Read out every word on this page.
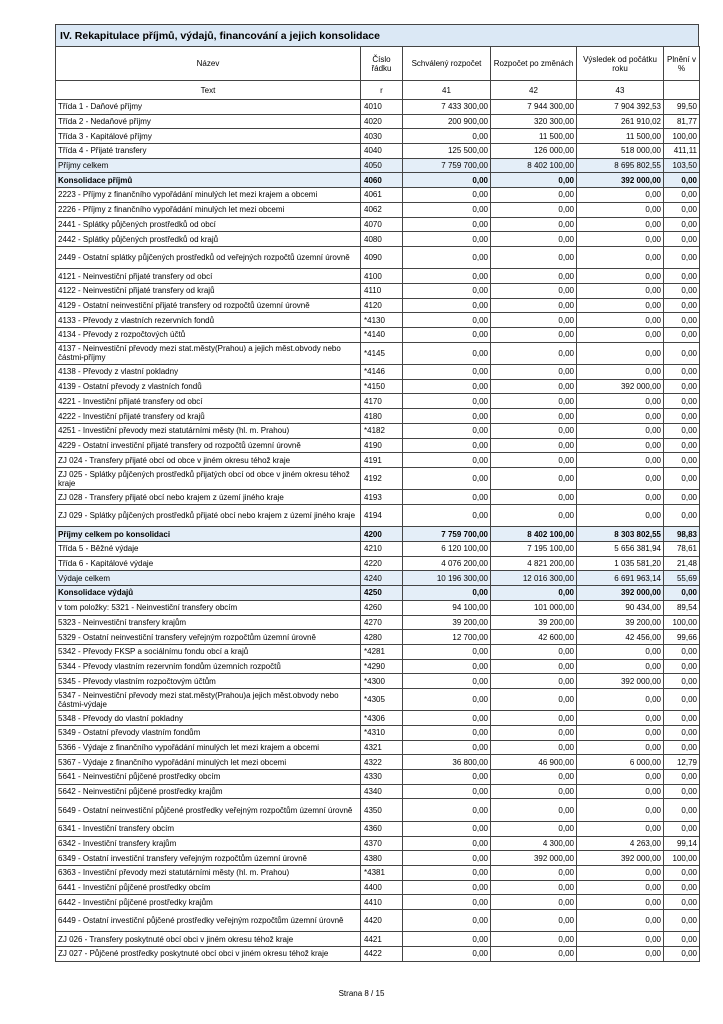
IV. Rekapitulace příjmů, výdajů, financování a jejich konsolidace
Název	Číslo řádku	Schválený rozpočet	Rozpočet po změnách	Výsledek od počátku roku	Plnění v %
Text	r	41	42	43	
Třída 1 - Daňové příjmy	4010	7 433 300,00	7 944 300,00	7 904 392,53	99,50
Třída 2 - Nedaňové příjmy	4020	200 900,00	320 300,00	261 910,02	81,77
Třída 3 - Kapitálové příjmy	4030	0,00	11 500,00	11 500,00	100,00
Třída 4 - Přijaté transfery	4040	125 500,00	126 000,00	518 000,00	411,11
Příjmy celkem	4050	7 759 700,00	8 402 100,00	8 695 802,55	103,50
Konsolidace příjmů	4060	0,00	0,00	392 000,00	0,00
2223 - Příjmy z finančního vypořádání minulých let mezi krajem a obcemi	4061	0,00	0,00	0,00	0,00
2226 - Příjmy z finančního vypořádání minulých let mezi obcemi	4062	0,00	0,00	0,00	0,00
2441 - Splátky půjčených prostředků od obcí	4070	0,00	0,00	0,00	0,00
2442 - Splátky půjčených prostředků od krajů	4080	0,00	0,00	0,00	0,00
2449 - Ostatní splátky půjčených prostředků od veřejných rozpočtů územní úrovně	4090	0,00	0,00	0,00	0,00
4121 - Neinvestiční přijaté transfery od obcí	4100	0,00	0,00	0,00	0,00
4122 - Neinvestiční přijaté transfery od krajů	4110	0,00	0,00	0,00	0,00
4129 - Ostatní neinvestiční přijaté transfery od rozpočtů územní úrovně	4120	0,00	0,00	0,00	0,00
4133 - Převody z vlastních rezervních fondů	*4130	0,00	0,00	0,00	0,00
4134 - Převody z rozpočtových účtů	*4140	0,00	0,00	0,00	0,00
4137 - Neinvestiční převody mezi stat.městy(Prahou) a jejich měst.obvody nebo částmi-příjmy	*4145	0,00	0,00	0,00	0,00
4138 - Převody z vlastní pokladny	*4146	0,00	0,00	0,00	0,00
4139 - Ostatní převody z vlastních fondů	*4150	0,00	0,00	392 000,00	0,00
4221 - Investiční přijaté transfery od obcí	4170	0,00	0,00	0,00	0,00
4222 - Investiční přijaté transfery od krajů	4180	0,00	0,00	0,00	0,00
4251 - Investiční převody mezi statutárními městy (hl. m. Prahou)	*4182	0,00	0,00	0,00	0,00
4229 - Ostatní investiční přijaté transfery od rozpočtů územní úrovně	4190	0,00	0,00	0,00	0,00
ZJ 024 - Transfery přijaté obcí od obce v jiném okresu téhož kraje	4191	0,00	0,00	0,00	0,00
ZJ 025 - Splátky půjčených prostředků přijatých obcí od obce v jiném okresu téhož kraje	4192	0,00	0,00	0,00	0,00
ZJ 028 - Transfery přijaté obcí nebo krajem z území jiného kraje	4193	0,00	0,00	0,00	0,00
ZJ 029 - Splátky půjčených prostředků přijaté obcí nebo krajem z území jiného kraje	4194	0,00	0,00	0,00	0,00
Příjmy celkem po konsolidaci	4200	7 759 700,00	8 402 100,00	8 303 802,55	98,83
Třída 5 - Běžné výdaje	4210	6 120 100,00	7 195 100,00	5 656 381,94	78,61
Třída 6 - Kapitálové výdaje	4220	4 076 200,00	4 821 200,00	1 035 581,20	21,48
Výdaje celkem	4240	10 196 300,00	12 016 300,00	6 691 963,14	55,69
Konsolidace výdajů	4250	0,00	0,00	392 000,00	0,00
v tom položky: 5321 - Neinvestiční transfery obcím	4260	94 100,00	101 000,00	90 434,00	89,54
5323 - Neinvestiční transfery krajům	4270	39 200,00	39 200,00	39 200,00	100,00
5329 - Ostatní neinvestiční transfery veřejným rozpočtům územní úrovně	4280	12 700,00	42 600,00	42 456,00	99,66
5342 - Převody FKSP a sociálnímu fondu obcí a krajů	*4281	0,00	0,00	0,00	0,00
5344 - Převody vlastním rezervním fondům územních rozpočtů	*4290	0,00	0,00	0,00	0,00
5345 - Převody vlastním rozpočtovým účtům	*4300	0,00	0,00	392 000,00	0,00
5347 - Neinvestiční převody mezi stat.městy(Prahou)a jejich měst.obvody nebo částmi-výdaje	*4305	0,00	0,00	0,00	0,00
5348 - Převody do vlastní pokladny	*4306	0,00	0,00	0,00	0,00
5349 - Ostatní převody vlastním fondům	*4310	0,00	0,00	0,00	0,00
5366 - Výdaje z finančního vypořádání minulých let mezi krajem a obcemi	4321	0,00	0,00	0,00	0,00
5367 - Výdaje z finančního vypořádání minulých let mezi obcemi	4322	36 800,00	46 900,00	6 000,00	12,79
5641 - Neinvestiční půjčené prostředky obcím	4330	0,00	0,00	0,00	0,00
5642 - Neinvestiční půjčené prostředky krajům	4340	0,00	0,00	0,00	0,00
5649 - Ostatní neinvestiční půjčené prostředky veřejným rozpočtům územní úrovně	4350	0,00	0,00	0,00	0,00
6341 - Investiční transfery obcím	4360	0,00	0,00	0,00	0,00
6342 - Investiční transfery krajům	4370	0,00	4 300,00	4 263,00	99,14
6349 - Ostatní investiční transfery veřejným rozpočtům územní úrovně	4380	0,00	392 000,00	392 000,00	100,00
6363 - Investiční převody mezi statutárními městy (hl. m. Prahou)	*4381	0,00	0,00	0,00	0,00
6441 - Investiční půjčené prostředky obcím	4400	0,00	0,00	0,00	0,00
6442 - Investiční půjčené prostředky krajům	4410	0,00	0,00	0,00	0,00
6449 - Ostatní investiční půjčené prostředky veřejným rozpočtům územní úrovně	4420	0,00	0,00	0,00	0,00
ZJ 026 - Transfery poskytnuté obcí obci v jiném okresu téhož kraje	4421	0,00	0,00	0,00	0,00
ZJ 027 - Půjčené prostředky poskytnuté obcí obci v jiném okresu téhož kraje	4422	0,00	0,00	0,00	0,00
Strana 8 / 15
